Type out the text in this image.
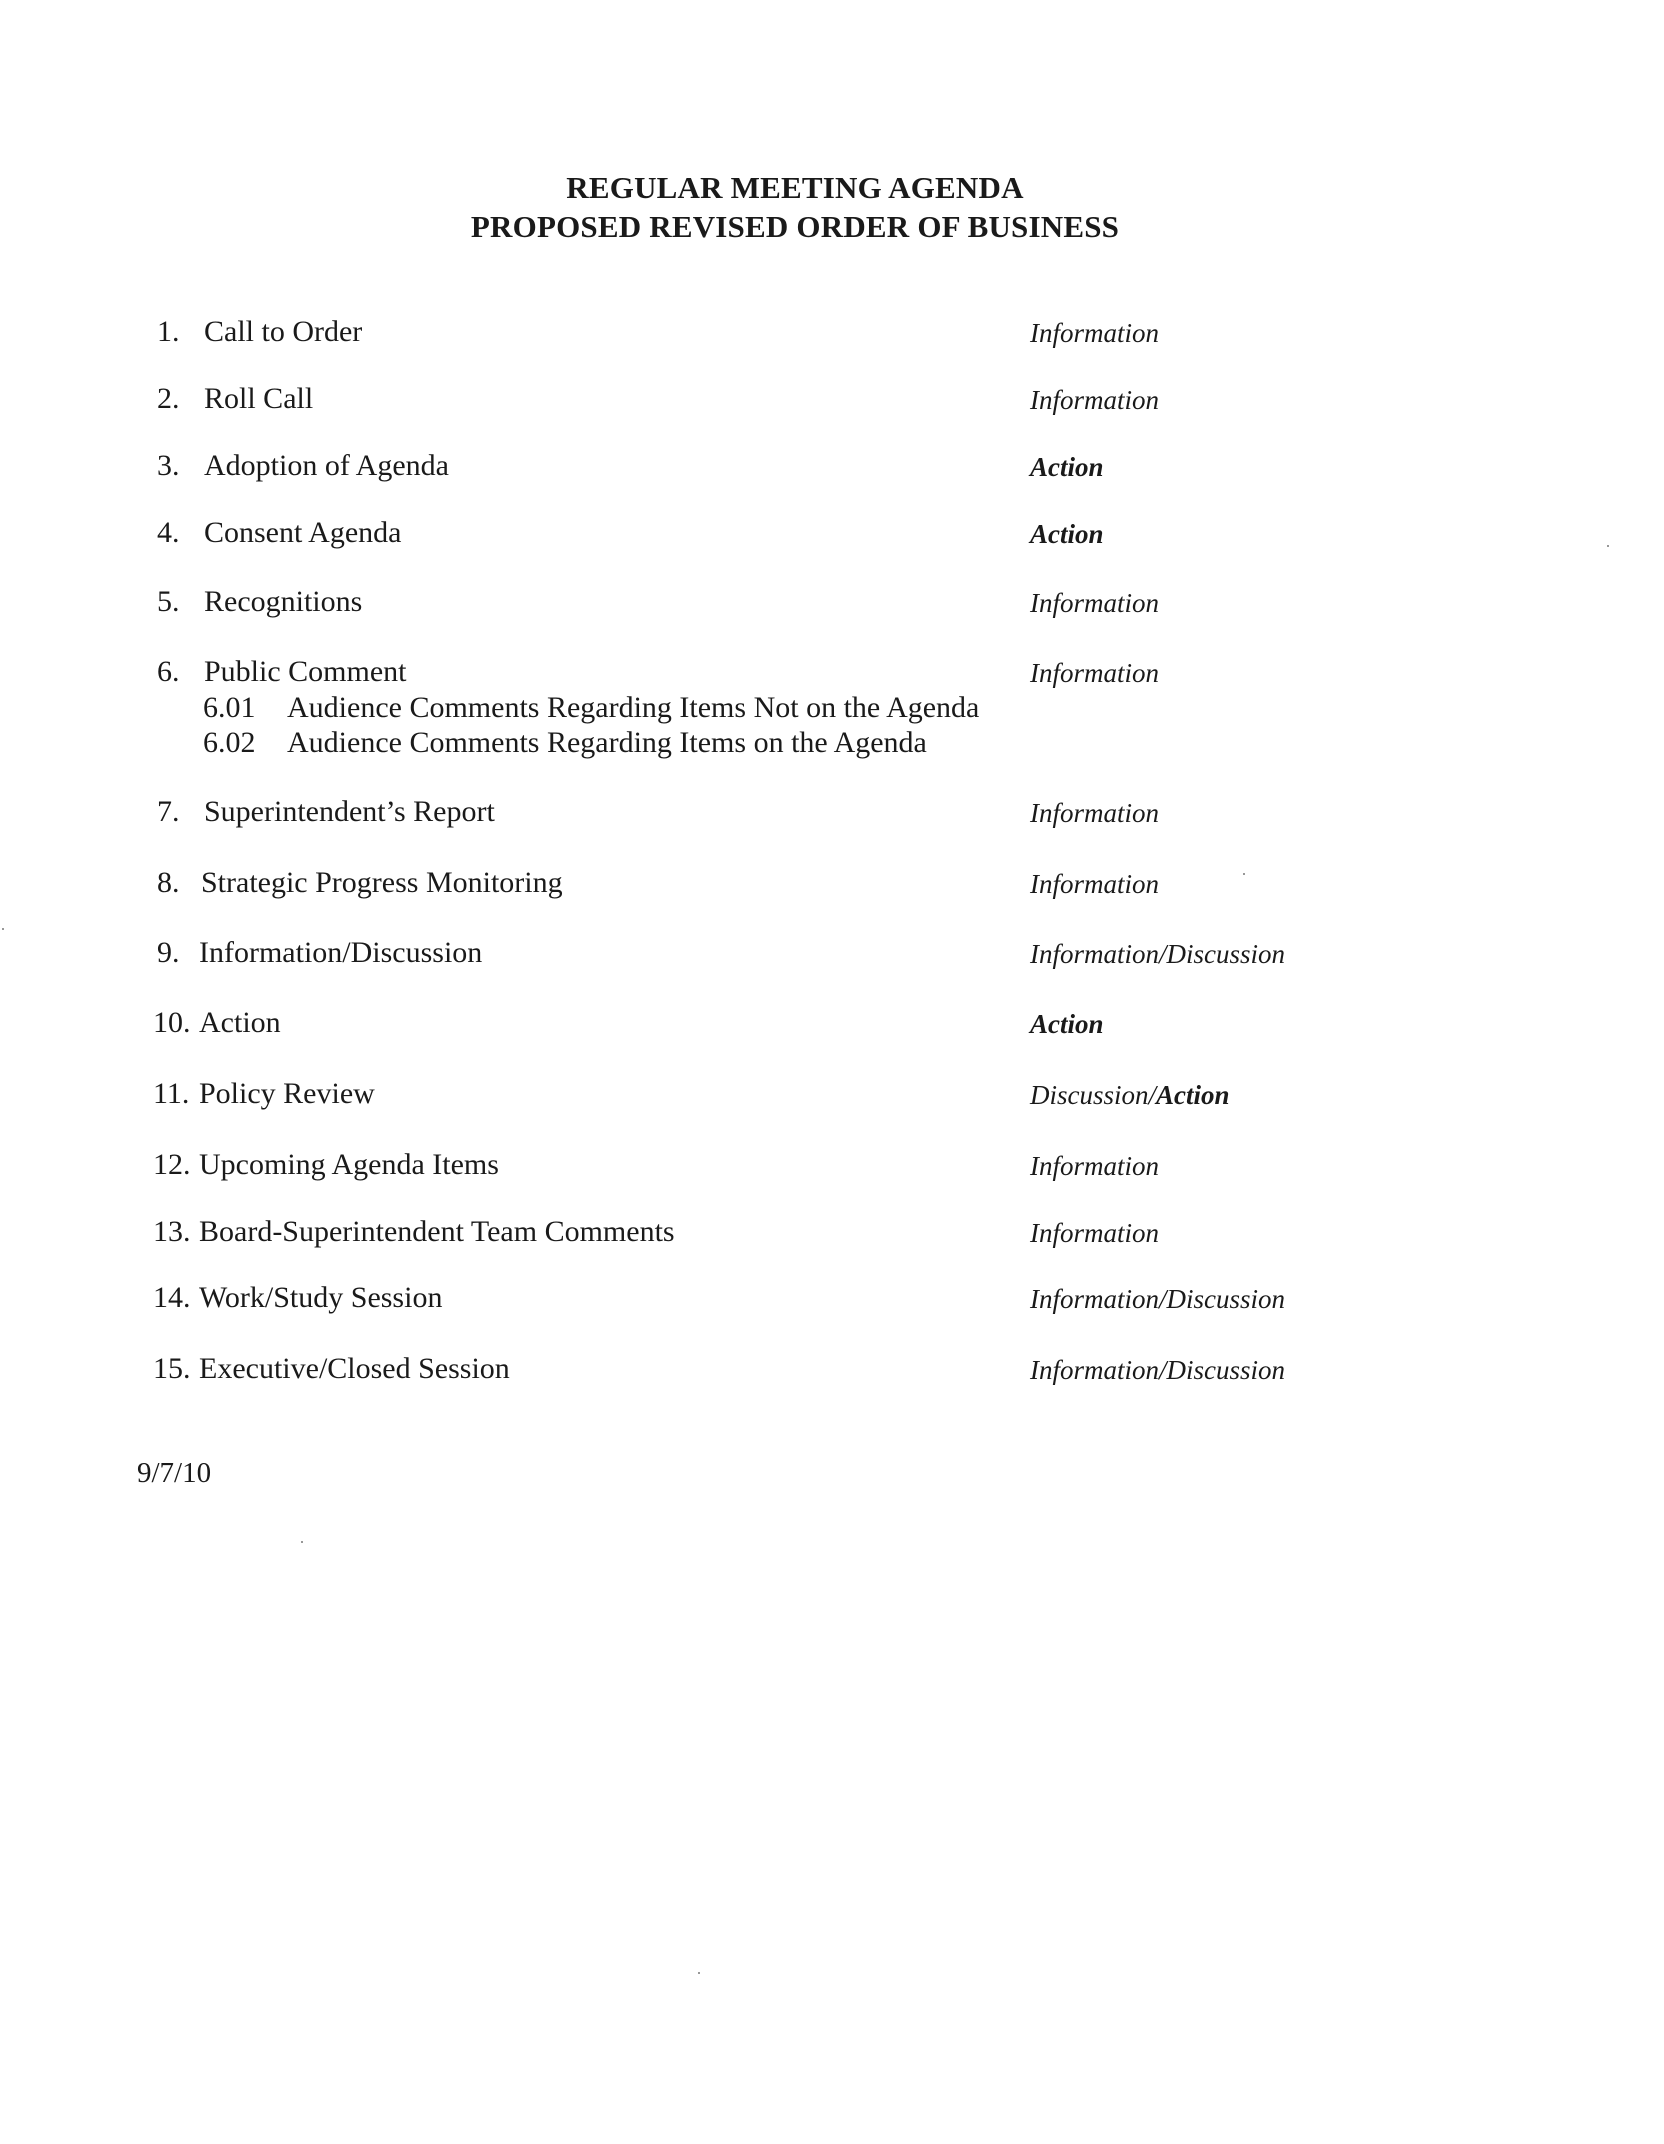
REGULAR MEETING AGENDA
PROPOSED REVISED ORDER OF BUSINESS
1. Call to Order	Information
2. Roll Call	Information
3. Adoption of Agenda	Action
4. Consent Agenda	Action
5. Recognitions	Information
6. Public Comment	Information
6.01 Audience Comments Regarding Items Not on the Agenda
6.02 Audience Comments Regarding Items on the Agenda
7. Superintendent’s Report	Information
8. Strategic Progress Monitoring	Information
9. Information/Discussion	Information/Discussion
10. Action	Action
11. Policy Review	Discussion/Action
12. Upcoming Agenda Items	Information
13. Board-Superintendent Team Comments	Information
14. Work/Study Session	Information/Discussion
15. Executive/Closed Session	Information/Discussion
9/7/10
